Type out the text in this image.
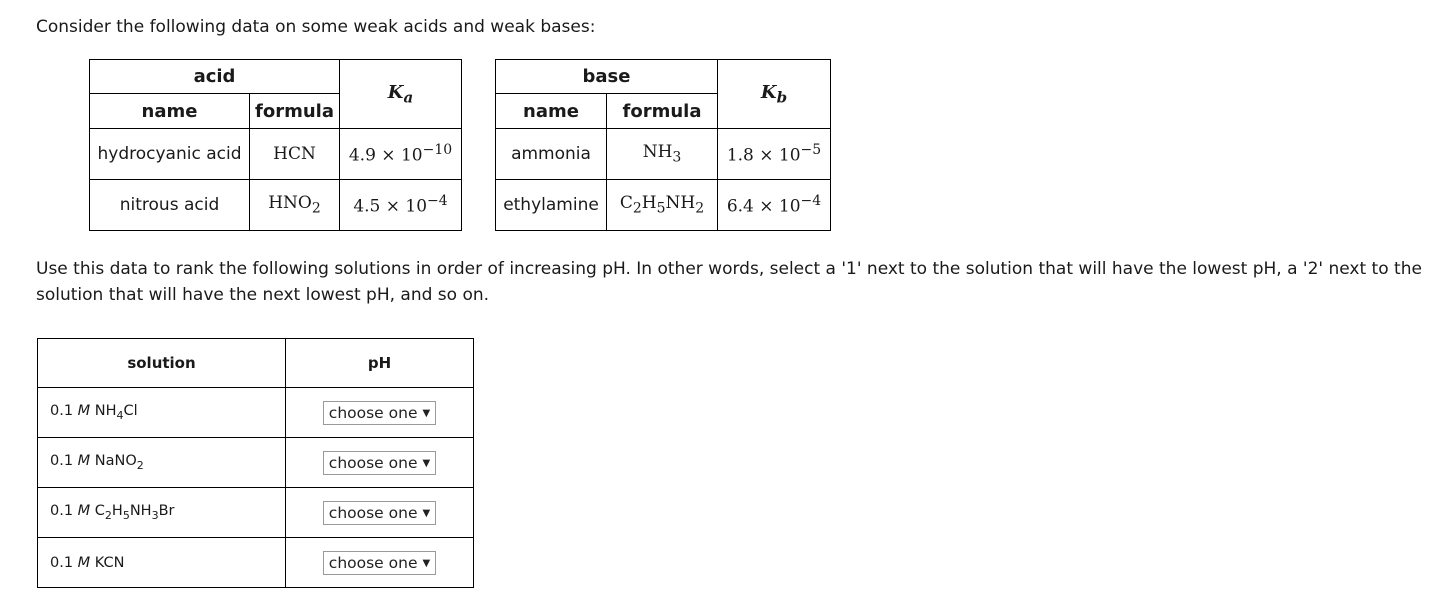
Consider the following data on some weak acids and weak bases:

acid		$K_a$
name	formula	
hydrocyanic acid	HCN	$4.9 \times 10^{-10}$
nitrous acid	$HNO_2$	$4.5 \times 10^{-4}$
base		$K_b$
name	formula	
ammonia	$NH_3$	$1.8 \times 10^{-5}$
ethylamine	$C_2H_5NH_2$	$6.4 \times 10^{-4}$

Use this data to rank the following solutions in order of increasing pH. In other words, select a '1' next to the solution that will have the lowest pH, a '2' next to the solution that will have the next lowest pH, and so on.

solution	pH
0.1 M $NH_4Cl$	choose one ▼
0.1 M NaNO$_2$	choose one ▼
0.1 M $C_2H_5NH_3Br$	choose one ▼
0.1 M KCN	choose one ▼
